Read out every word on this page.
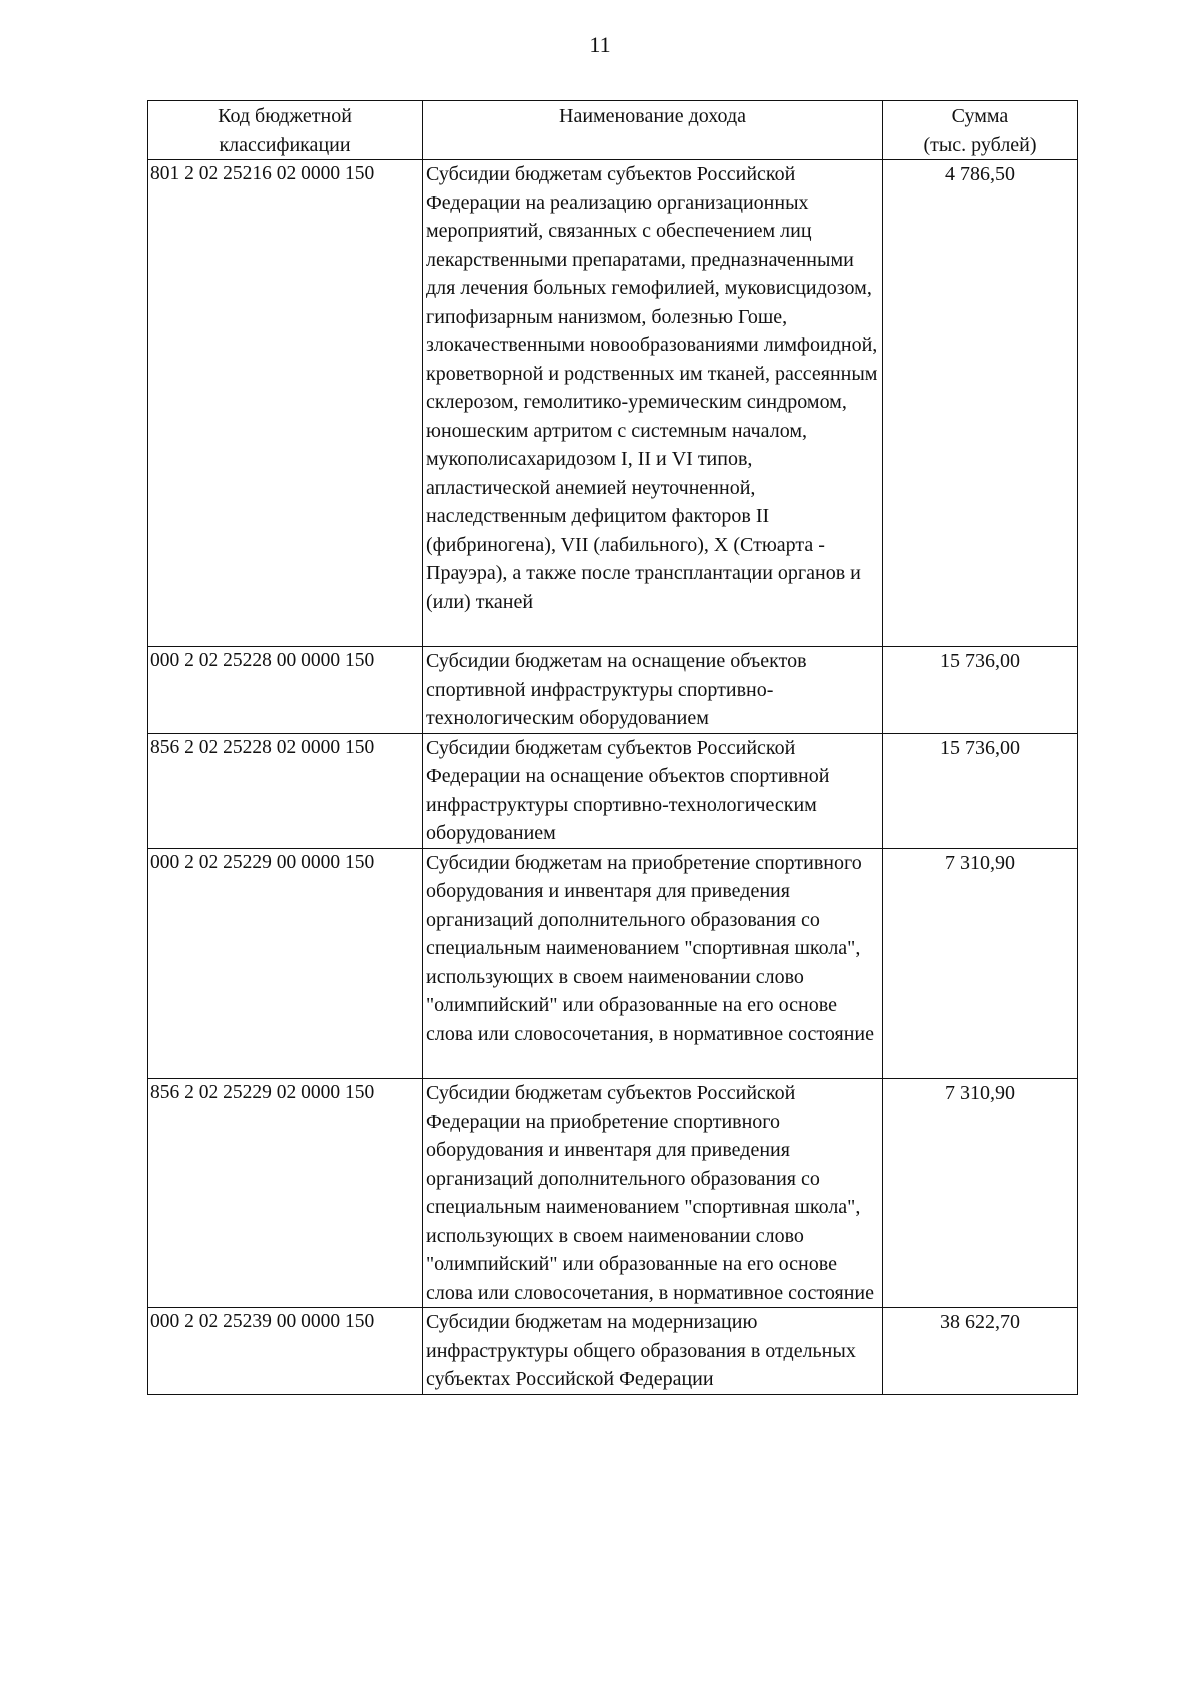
11
Код бюджетной
классификации	Наименование дохода	Сумма
(тыс. рублей)
801 2 02 25216 02 0000 150	Субсидии бюджетам субъектов Российской Федерации на реализацию организационных мероприятий, связанных с обеспечением лиц лекарственными препаратами, предназначенными для лечения больных гемофилией, муковисцидозом, гипофизарным нанизмом, болезнью Гоше, злокачественными новообразованиями лимфоидной, кроветворной и родственных им тканей, рассеянным склерозом, гемолитико-уремическим синдромом, юношеским артритом с системным началом, мукополисахаридозом I, II и VI типов, апластической анемией неуточненной, наследственным дефицитом факторов II (фибриногена), VII (лабильного), X (Стюарта - Прауэра), а также после трансплантации органов и (или) тканей	4 786,50
000 2 02 25228 00 0000 150	Субсидии бюджетам на оснащение объектов спортивной инфраструктуры спортивно-технологическим оборудованием	15 736,00
856 2 02 25228 02 0000 150	Субсидии бюджетам субъектов Российской Федерации на оснащение объектов спортивной инфраструктуры спортивно-технологическим оборудованием	15 736,00
000 2 02 25229 00 0000 150	Субсидии бюджетам на приобретение спортивного оборудования и инвентаря для приведения организаций дополнительного образования со специальным наименованием "спортивная школа", использующих в своем наименовании слово "олимпийский" или образованные на его основе слова или словосочетания, в нормативное состояние	7 310,90
856 2 02 25229 02 0000 150	Субсидии бюджетам субъектов Российской Федерации на приобретение спортивного оборудования и инвентаря для приведения организаций дополнительного образования со специальным наименованием "спортивная школа", использующих в своем наименовании слово "олимпийский" или образованные на его основе слова или словосочетания, в нормативное состояние	7 310,90
000 2 02 25239 00 0000 150	Субсидии бюджетам на модернизацию инфраструктуры общего образования в отдельных субъектах Российской Федерации	38 622,70
